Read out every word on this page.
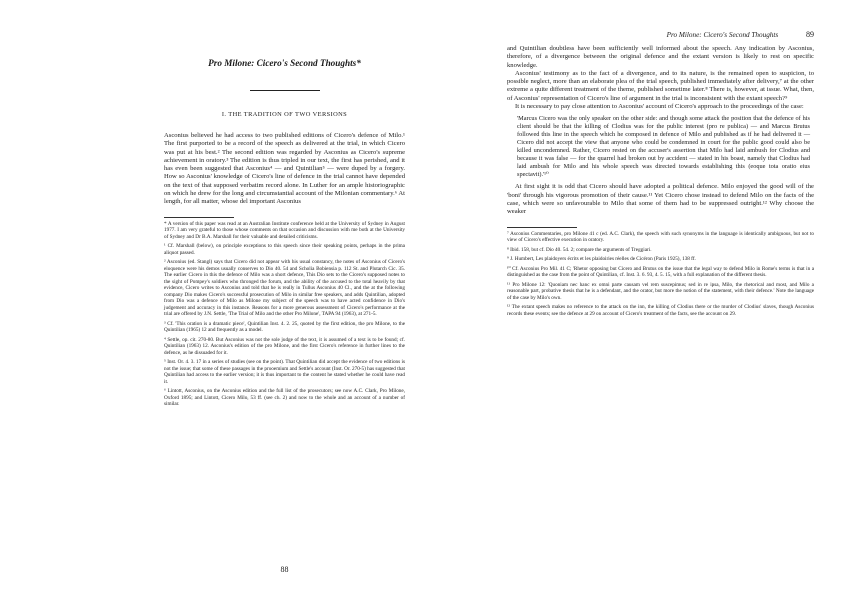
Pro Milone: Cicero's Second Thoughts*
I. THE TRADITION OF TWO VERSIONS

Asconius believed he had access to two published editions of Cicero's defence of Milo.¹ The first purported to be a record of the speech as delivered at the trial, in which Cicero was put at his best.² The second edition was regarded by Asconius as Cicero's supreme achievement in oratory.³ The edition is thus tripled in our text, the first has perished, and it has even been suggested that Asconius⁴ — and Quintilian⁵ — were duped by a forgery. How so Asconius' knowledge of Cicero's line of defence in the trial cannot have depended on the text of that supposed verbatim record alone. In Luther for an ample historiographic on which he drew for the long and circumstantial account of the Milonian commentary.⁶ At length, for all matter, whose del important Asconius

* A version of this paper was read at an Australian Institute conference held at the University of Sydney in August 1977. I am very grateful to those whose comments on that occasion and discussion with me both at the University of Sydney and Dr B.A. Marshall for their valuable and detailed criticisms.

¹ Cf. Marshall (below), on principle exceptions to this speech since their speaking points, perhaps in the prima aliquot passed.

² Asconius (ed. Stangl) says that Cicero did not appear with his usual constancy, the notes of Asconius of Cicero's eloquence were his demos usually conserves to Dio 40. 54 and Scholia Bobiensia p. 112 St. and Plutarch Cic. 35. The earlier Cicero in this the defence of Milo was a short defence, This Dio sets to the Cicero's supposed notes to the sight of Pompey's soldiers who thronged the forum, and the ability of the accused to the total heavily by that evidence, Cicero writes to Asconius and told that he is really in Tullus Asconius 40 Cl., and the at the following company Dio makes Cicero's successful prosecution of Milo in similar free speakers, and adds Quintilian, adopted from Dio was a defence of Milo as Milone my subject of the speech was to have acted confidence in Dio's judgement and accuracy in this instance. Reasons for a more generous assessment of Cicero's performance at the trial are offered by J.N. Settle, 'The Trial of Milo and the other Pro Milone', TAPA 94 (1963), at 271-5.

³ Cf. 'This oration is a dramatic piece', Quintilian Inst. 4. 2. 25, quoted by the first edition, the pro Milone, to the Quintilian (1965) 12 and frequently as a model.

⁴ Settle, op. cit. 270-80. But Asconius was not the sole judge of the text, it is assumed of a text is to be found; cf. Quintilian (1963) 12. Asconius's edition of the pro Milone, and the first Cicero's reference in further lines to the defence, as he dissuaded for it.

⁵ Inst. Or. 4. 3. 17 in a series of studies (see on the point). That Quintilian did accept the evidence of two editions is not the issue; that some of these passages in the prooemium and Settle's account (Inst. Or. 270-5) has suggested that Quintilian had access to the earlier version; it is thus important to the content he stated whether he could have read it.

⁶ Lintott, Asconius, on the Asconius edition and the full list of the prosecutors; see now A.C. Clark, Pro Milone, Oxford 1895; and Lintott, Cicero Milo, 53 ff. (see ch. 2) and now to the whole and an account of a number of similar.

88
Pro Milone: Cicero's Second Thoughts	89

and Quintilian doubtless have been sufficiently well informed about the speech. Any indication by Asconius, therefore, of a divergence between the original defence and the extant version is likely to rest on specific knowledge.

Asconius' testimony as to the fact of a divergence, and to its nature, is the remained open to suspicion, to possible neglect, more than an elaborate plea of the trial speech, published immediately after delivery,⁷ at the other extreme a quite different treatment of the theme, published sometime later.⁸ There is, however, at issue. What, then, of Asconius' representation of Cicero's line of argument in the trial is inconsistent with the extant speech?⁹

It is necessary to pay close attention to Asconius' account of Cicero's approach to the proceedings of the case:

'Marcus Cicero was the only speaker on the other side: and though some attack the position that the defence of his client should be that the killing of Clodius was for the public interest (pro re publica) — and Marcus Brutus followed this line in the speech which he composed in defence of Milo and published as if he had delivered it — Cicero did not accept the view that anyone who could be condemned in court for the public good could also be killed uncondemned. Rather, Cicero rested on the accuser's assertion that Milo had laid ambush for Clodius and because it was false — for the quarrel had broken out by accident — stated in his boast, namely that Clodius had laid ambush for Milo and his whole speech was directed towards establishing this (eoque tota oratio eius spectavit).'¹⁰

At first sight it is odd that Cicero should have adopted a political defence. Milo enjoyed the good will of the 'boni' through his vigorous promotion of their cause.¹¹ Yet Cicero chose instead to defend Milo on the facts of the case, which were so unfavourable to Milo that some of them had to be suppressed outright.¹² Why choose the weaker

⁷ Asconius Commentaries, pro Milone 41 c (ed. A.C. Clark), the speech with such synonyms in the language is identically ambiguous, but not to view of Cicero's effective execution in oratory.

⁸ Ibid. 158, but cf. Dio 40. 54. 2; compare the arguments of Treggiari.

⁹ J. Humbert, Les plaidoyers écrits et les plaidoiries réelles de Cicéron (Paris 1925), 138 ff.

¹⁰ Cf. Asconius Pro Mil. 41 C; 'Rhetor opposing but Cicero and Brutus on the issue that the legal way to defend Milo in Rome's terms is that in a distinguished as the case from the point of Quintilian, cf. Inst. 3. 6. 93, 4. 5. 15, with a full explanation of the different thesis.

¹¹ Pro Milone 12: 'Quoniam nec hanc ex omni parte causam vel rem suscepimus; sed in re ipsa, Milo, the rhetorical and most, and Milo a reasonable part, probative thesis that he is a defendant, and the orator, but more the notion of the statement, with their defence.' Note the language of the case by Milo's own.

¹² The extant speech makes no reference to the attack on the inn, the killing of Clodius there or the murder of Clodius' slaves, though Asconius records these events; see the defence at 29 on account of Cicero's treatment of the facts, see the account on 29.
